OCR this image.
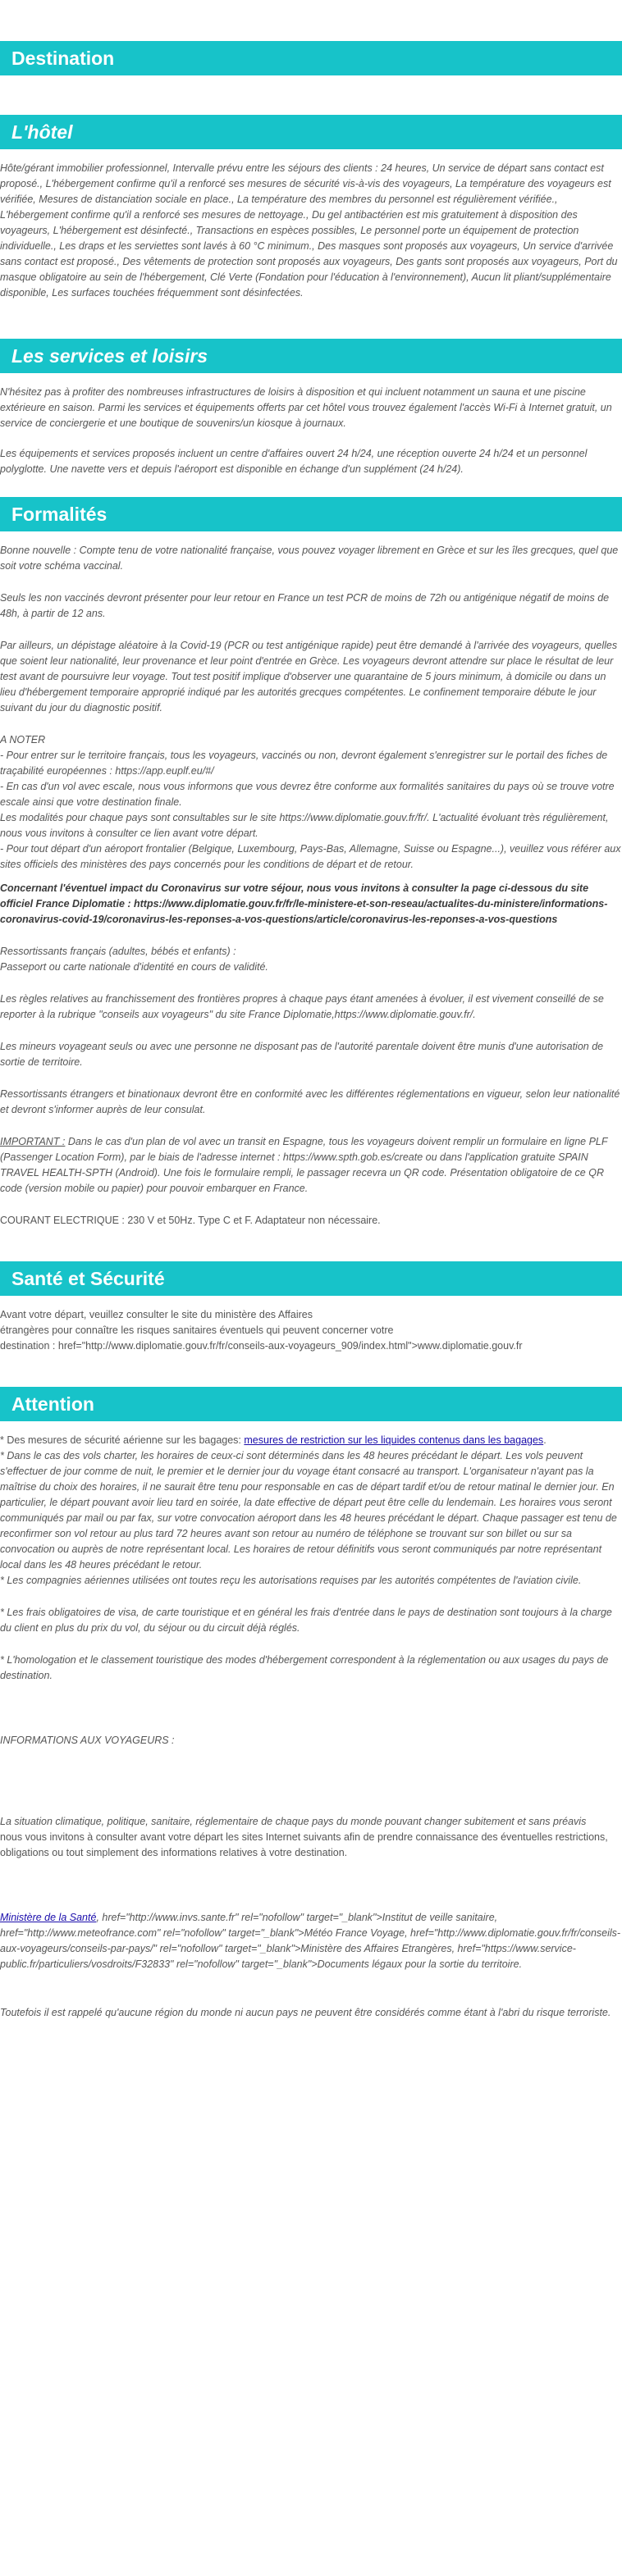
Destination
L'hôtel

Hôte/gérant immobilier professionnel, Intervalle prévu entre les séjours des clients : 24 heures, Un service de départ sans contact est proposé., L'hébergement confirme qu'il a renforcé ses mesures de sécurité vis-à-vis des voyageurs, La température des voyageurs est vérifiée, Mesures de distanciation sociale en place., La température des membres du personnel est régulièrement vérifiée., L'hébergement confirme qu'il a renforcé ses mesures de nettoyage., Du gel antibactérien est mis gratuitement à disposition des voyageurs, L'hébergement est désinfecté., Transactions en espèces possibles, Le personnel porte un équipement de protection individuelle., Les draps et les serviettes sont lavés à 60 °C minimum., Des masques sont proposés aux voyageurs, Un service d'arrivée sans contact est proposé., Des vêtements de protection sont proposés aux voyageurs, Des gants sont proposés aux voyageurs, Port du masque obligatoire au sein de l'hébergement, Clé Verte (Fondation pour l'éducation à l'environnement), Aucun lit pliant/supplémentaire disponible, Les surfaces touchées fréquemment sont désinfectées.

Les services et loisirs

N'hésitez pas à profiter des nombreuses infrastructures de loisirs à disposition et qui incluent notamment un sauna et une piscine extérieure en saison. Parmi les services et équipements offerts par cet hôtel vous trouvez également l'accès Wi-Fi à Internet gratuit, un service de conciergerie et une boutique de souvenirs/un kiosque à journaux.

Les équipements et services proposés incluent un centre d'affaires ouvert 24 h/24, une réception ouverte 24 h/24 et un personnel polyglotte. Une navette vers et depuis l'aéroport est disponible en échange d'un supplément (24 h/24).

Formalités

Bonne nouvelle : Compte tenu de votre nationalité française, vous pouvez voyager librement en Grèce et sur les îles grecques, quel que soit votre schéma vaccinal.

Seuls les non vaccinés devront présenter pour leur retour en France un test PCR de moins de 72h ou antigénique négatif de moins de 48h, à partir de 12 ans.

Par ailleurs, un dépistage aléatoire à la Covid-19 (PCR ou test antigénique rapide) peut être demandé à l'arrivée des voyageurs, quelles que soient leur nationalité, leur provenance et leur point d'entrée en Grèce. Les voyageurs devront attendre sur place le résultat de leur test avant de poursuivre leur voyage. Tout test positif implique d'observer une quarantaine de 5 jours minimum, à domicile ou dans un lieu d'hébergement temporaire approprié indiqué par les autorités grecques compétentes. Le confinement temporaire débute le jour suivant du jour du diagnostic positif.

A NOTER

- Pour entrer sur le territoire français, tous les voyageurs, vaccinés ou non, devront également s'enregistrer sur le portail des fiches de traçabilité européennes : https://app.euplf.eu/#/

- En cas d'un vol avec escale, nous vous informons que vous devrez être conforme aux formalités sanitaires du pays où se trouve votre escale ainsi que votre destination finale.

Les modalités pour chaque pays sont consultables sur le site https://www.diplomatie.gouv.fr/fr/. L'actualité évoluant très régulièrement, nous vous invitons à consulter ce lien avant votre départ.

- Pour tout départ d'un aéroport frontalier (Belgique, Luxembourg, Pays-Bas, Allemagne, Suisse ou Espagne...), veuillez vous référer aux sites officiels des ministères des pays concernés pour les conditions de départ et de retour.

Concernant l'éventuel impact du Coronavirus sur votre séjour, nous vous invitons à consulter la page ci-dessous du site officiel France Diplomatie : https://www.diplomatie.gouv.fr/fr/le-ministere-et-son-reseau/actualites-du-ministere/informations-coronavirus-covid-19/coronavirus-les-reponses-a-vos-questions/article/coronavirus-les-reponses-a-vos-questions

Ressortissants français (adultes, bébés et enfants) :

Passeport ou carte nationale d'identité en cours de validité.

Les règles relatives au franchissement des frontières propres à chaque pays étant amenées à évoluer, il est vivement conseillé de se reporter à la rubrique "conseils aux voyageurs" du site France Diplomatie,https://www.diplomatie.gouv.fr/.

Les mineurs voyageant seuls ou avec une personne ne disposant pas de l'autorité parentale doivent être munis d'une autorisation de sortie de territoire.

Ressortissants étrangers et binationaux devront être en conformité avec les différentes réglementations en vigueur, selon leur nationalité et devront s'informer auprès de leur consulat.

IMPORTANT : Dans le cas d'un plan de vol avec un transit en Espagne, tous les voyageurs doivent remplir un formulaire en ligne PLF (Passenger Location Form), par le biais de l'adresse internet : https://www.spth.gob.es/create ou dans l'application gratuite SPAIN TRAVEL HEALTH-SPTH (Android). Une fois le formulaire rempli, le passager recevra un QR code. Présentation obligatoire de ce QR code (version mobile ou papier) pour pouvoir embarquer en France.

COURANT ELECTRIQUE : 230 V et 50Hz. Type C et F. Adaptateur non nécessaire.

Santé et Sécurité

Avant votre départ, veuillez consulter le site du ministère des Affaires

étrangères pour connaître les risques sanitaires éventuels qui peuvent concerner votre

destination : href="http://www.diplomatie.gouv.fr/fr/conseils-aux-voyageurs_909/index.html">www.diplomatie.gouv.fr

Attention

* Des mesures de sécurité aérienne sur les bagages: mesures de restriction sur les liquides contenus dans les bagages.

* Dans le cas des vols charter, les horaires de ceux-ci sont déterminés dans les 48 heures précédant le départ. Les vols peuvent s'effectuer de jour comme de nuit, le premier et le dernier jour du voyage étant consacré au transport. L'organisateur n'ayant pas la maîtrise du choix des horaires, il ne saurait être tenu pour responsable en cas de départ tardif et/ou de retour matinal le dernier jour. En particulier, le départ pouvant avoir lieu tard en soirée, la date effective de départ peut être celle du lendemain. Les horaires vous seront communiqués par mail ou par fax, sur votre convocation aéroport dans les 48 heures précédant le départ. Chaque passager est tenu de reconfirmer son vol retour au plus tard 72 heures avant son retour au numéro de téléphone se trouvant sur son billet ou sur sa convocation ou auprès de notre représentant local. Les horaires de retour définitifs vous seront communiqués par notre représentant local dans les 48 heures précédant le retour.

* Les compagnies aériennes utilisées ont toutes reçu les autorisations requises par les autorités compétentes de l'aviation civile.

* Les frais obligatoires de visa, de carte touristique et en général les frais d'entrée dans le pays de destination sont toujours à la charge du client en plus du prix du vol, du séjour ou du circuit déjà réglés.

* L'homologation et le classement touristique des modes d'hébergement correspondent à la réglementation ou aux usages du pays de destination.

INFORMATIONS AUX VOYAGEURS :

La situation climatique, politique, sanitaire, réglementaire de chaque pays du monde pouvant changer subitement et sans préavis

nous vous invitons à consulter avant votre départ les sites Internet suivants afin de prendre connaissance des éventuelles restrictions, obligations ou tout simplement des informations relatives à votre destination.

Ministère de la Santé, href="http://www.invs.sante.fr" rel="nofollow" target="_blank">Institut de veille sanitaire, href="http://www.meteofrance.com" rel="nofollow" target="_blank">Météo France Voyage, href="http://www.diplomatie.gouv.fr/fr/conseils-aux-voyageurs/conseils-par-pays/" rel="nofollow" target="_blank">Ministère des Affaires Etrangères, href="https://www.service-public.fr/particuliers/vosdroits/F32833" rel="nofollow" target="_blank">Documents légaux pour la sortie du territoire.

Toutefois il est rappelé qu'aucune région du monde ni aucun pays ne peuvent être considérés comme étant à l'abri du risque terroriste.
